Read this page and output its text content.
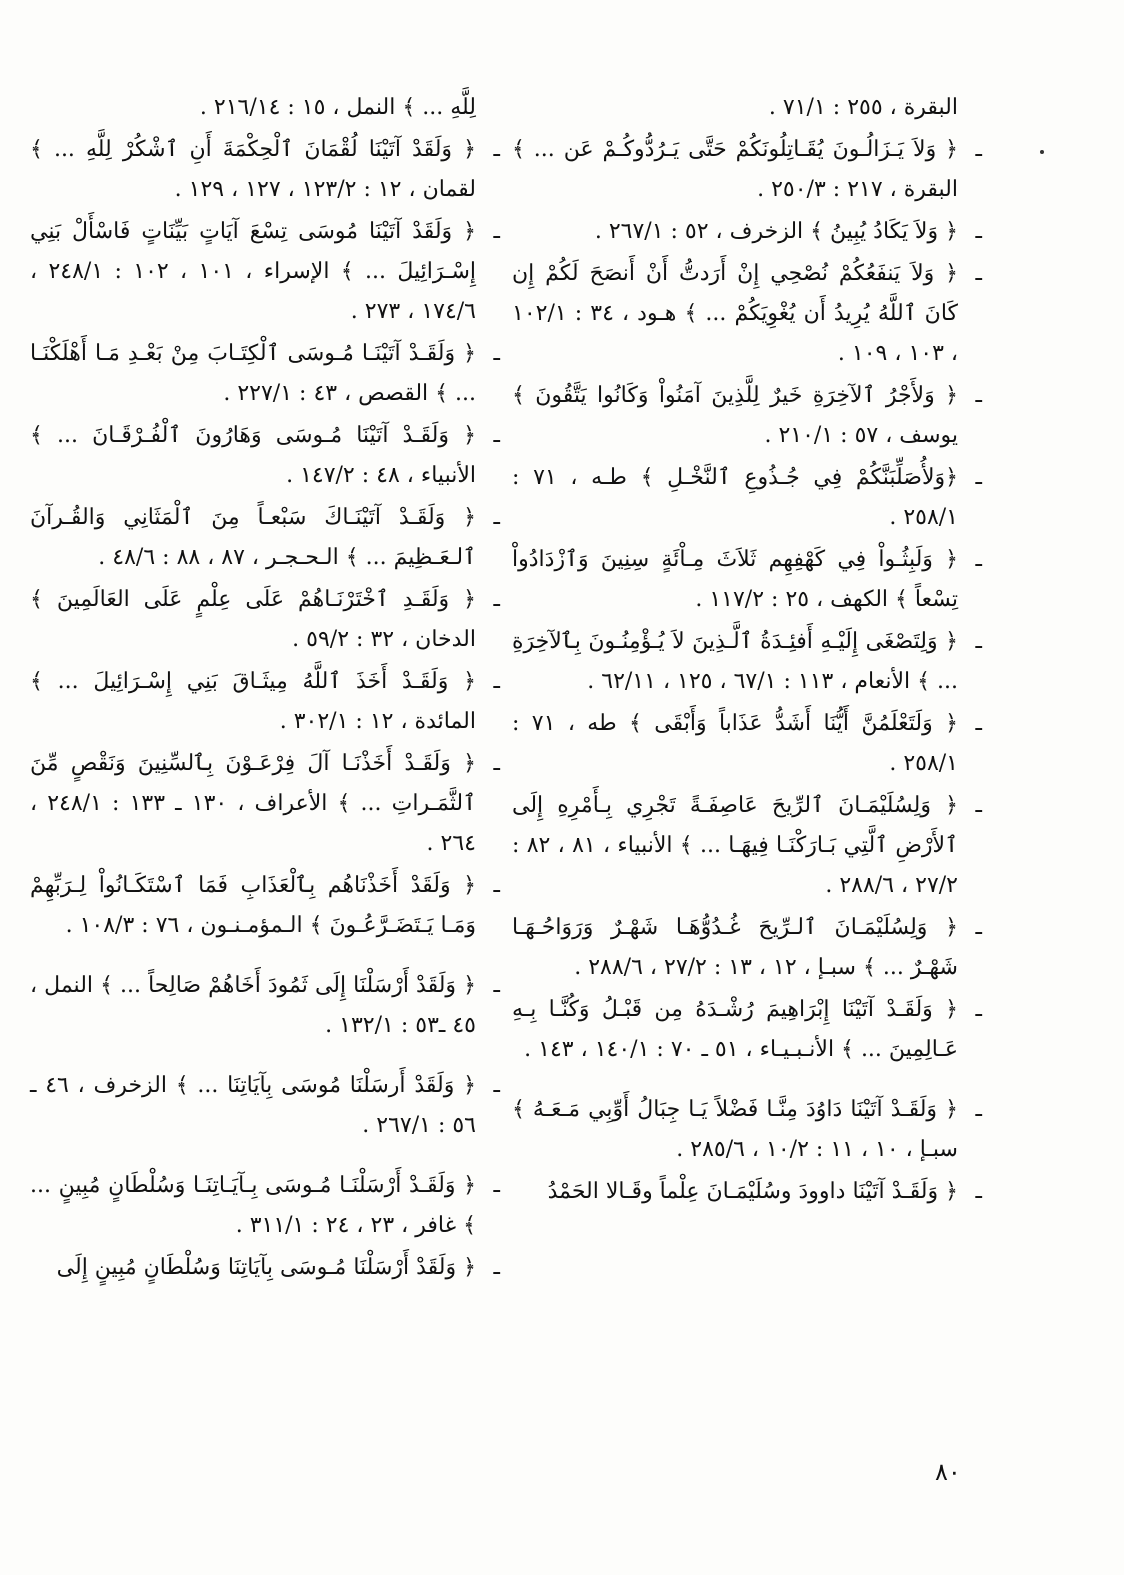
البقرة ، ٢٥٥ : ٧١/١ .
ـ
﴿ وَلاَ يَـزَالُـونَ يُقَـاتِلُونَكُمْ حَتَّى يَـرُدُّوكُـمْ عَن ... ﴾ البقرة ، ٢١٧ : ٢٥٠/٣ .
ـ
﴿ وَلاَ يَكَادُ يُبِينُ ﴾ الزخرف ، ٥٢ : ٢٦٧/١ .
ـ
﴿ وَلاَ يَنفَعُكُمْ نُصْحِي إِنْ أَرَدتُّ أَنْ أَنصَحَ لَكُمْ إِن كَانَ ٱللَّهُ يُرِيدُ أَن يُغْوِيَكُمْ ... ﴾ هـود ، ٣٤ : ١٠٢/١ ، ١٠٣ ، ١٠٩ .
ـ
﴿ وَلأَجْرُ ٱلآخِرَةِ خَيرٌ لِلَّذِينَ آمَنُواْ وَكَانُوا يَتَّقُونَ ﴾ يوسف ، ٥٧ : ٢١٠/١ .
ـ
﴿وَلأُصَلِّبَنَّكُمْ فِي جُـذُوعِ ٱلنَّخْـلِ ﴾ طـه ، ٧١ : ٢٥٨/١ .
ـ
﴿ وَلَبِثُـواْ فِي كَهْفِهِم ثَلاَثَ مِـاْئَةٍ سِنِينَ وَٱزْدَادُواْ تِسْعاً ﴾ الكهف ، ٢٥ : ١١٧/٢ .
ـ
﴿ وَلِتَصْغَى إِلَيْـهِ أَفئِـدَةُ ٱلَّـذِينَ لاَ يُـؤْمِنُـونَ بِٱلآخِرَةِ ... ﴾ الأنعام ، ١١٣ : ٦٧/١ ، ١٢٥ ، ٦٢/١١ .
ـ
﴿ وَلَتَعْلَمُنَّ أَيُّنَا أَشَدُّ عَذَاباً وَأَبْقَى ﴾ طه ، ٧١ : ٢٥٨/١ .
ـ
﴿ وَلِسُلَيْمَـانَ ٱلرِّيحَ عَاصِفَـةً تَجْرِي بِـأَمْرِهِ إِلَى ٱلأَرْضِ ٱلَّتِي بَـارَكْنَـا فِيهَـا ... ﴾ الأنبياء ، ٨١ ، ٨٢ : ٢٧/٢ ، ٢٨٨/٦ .
ـ
﴿ وَلِسُلَيْمَـانَ ٱلـرِّيحَ غُـدُوُّهَـا شَهْـرٌ وَرَوَاحُـهَـا شَهْـرٌ ... ﴾ سبـإ ، ١٢ ، ١٣ : ٢٧/٢ ، ٢٨٨/٦ .
ـ
﴿ وَلَقَـدْ آتَيْنَا إِبْرَاهِيمَ رُشْـدَهُ مِن قَبْـلُ وَكُنَّـا بِـهِ عَـالِمِينَ ... ﴾ الأنـبـيـاء ، ٥١ ـ ٧٠ : ١٤٠/١ ، ١٤٣ .
ـ
﴿ وَلَقَـدْ آتَيْنَا دَاوُدَ مِنَّـا فَضْلاً يَـا جِبَالُ أَوِّبِي مَـعَـهُ ﴾ سبـإ ، ١٠ ، ١١ : ١٠/٢ ، ٢٨٥/٦ .
ـ
﴿ وَلَقَـدْ آتَيْنَا داوودَ وسُلَيْمَـانَ عِلْماً وقَـالا الحَمْدُ
لِلَّهِ ... ﴾ النمل ، ١٥ : ٢١٦/١٤ .
ـ
﴿ وَلَقَدْ آتَيْنَا لُقْمَانَ ٱلْحِكْمَةَ أَنِ ٱشْكُرْ لِلَّهِ ... ﴾ لقمان ، ١٢ : ١٢٣/٢ ، ١٢٧ ، ١٢٩ .
ـ
﴿ وَلَقَدْ آتَيْنَا مُوسَى تِسْعَ آيَاتٍ بَيِّنَاتٍ فَاسْأَلْ بَنِي إِسْـرَائِيلَ ... ﴾ الإسراء ، ١٠١ ، ١٠٢ : ٢٤٨/١ ، ١٧٤/٦ ، ٢٧٣ .
ـ
﴿ وَلَقَـدْ آتَيْنَـا مُـوسَى ٱلْكِتَـابَ مِنْ بَعْـدِ مَـا أَهْلَكْنَـا ... ﴾ القصص ، ٤٣ : ٢٢٧/١ .
ـ
﴿ وَلَقَـدْ آتَيْنَا مُـوسَى وَهَارُونَ ٱلْفُـرْقَـانَ ... ﴾ الأنبياء ، ٤٨ : ١٤٧/٢ .
ـ
﴿ وَلَقَـدْ آتَيْنَـاكَ سَبْعـاً مِنَ ٱلْمَثَانِي وَالقُـرآنَ ٱلـعَـظِيمَ ... ﴾ الـحـجـر ، ٨٧ ، ٨٨ : ٤٨/٦ .
ـ
﴿ وَلَقَـدِ ٱخْتَرْنَـاهُمْ عَلَى عِلْمٍ عَلَى العَالَمِينَ ﴾ الدخان ، ٣٢ : ٥٩/٢ .
ـ
﴿ وَلَقَـدْ أَخَذَ ٱللَّهُ مِيثَـاقَ بَنِي إِسْـرَائِيلَ ... ﴾ المائدة ، ١٢ : ٣٠٢/١ .
ـ
﴿ وَلَقَـدْ أَخَذْنَـا آلَ فِرْعَـوْنَ بِٱلسِّنِينَ وَنَقْصٍ مِّنَ ٱلثَّمَـراتِ ... ﴾ الأعراف ، ١٣٠ ـ ١٣٣ : ٢٤٨/١ ، ٢٦٤ .
ـ
﴿ وَلَقَدْ أَخَذْنَاهُم بِٱلْعَذَابِ فَمَا ٱسْتَكَـانُواْ لِـرَبِّهِمْ وَمَـا يَـتَضَـرَّعُـونَ ﴾ الـمؤمـنـون ، ٧٦ : ١٠٨/٣ .
ـ
﴿ وَلَقَدْ أَرْسَلْنَا إِلَى ثَمُودَ أَخَاهُمْ صَالِحاً ... ﴾ النمل ، ٤٥ ـ٥٣ : ١٣٢/١ .
ـ
﴿ وَلَقَدْ أَرسَلْنَا مُوسَى بِآيَاتِنَا ... ﴾ الزخرف ، ٤٦ ـ ٥٦ : ٢٦٧/١ .
ـ
﴿ وَلَقَـدْ أَرْسَلْنَـا مُـوسَى بِـآيَـاتِنَـا وَسُلْطَانٍ مُبِينٍ ... ﴾ غافر ، ٢٣ ، ٢٤ : ٣١١/١ .
ـ
﴿ وَلَقَدْ أَرْسَلْنَا مُـوسَى بِآيَاتِنَا وَسُلْطَانٍ مُبِينٍ إِلَى
٨٠
